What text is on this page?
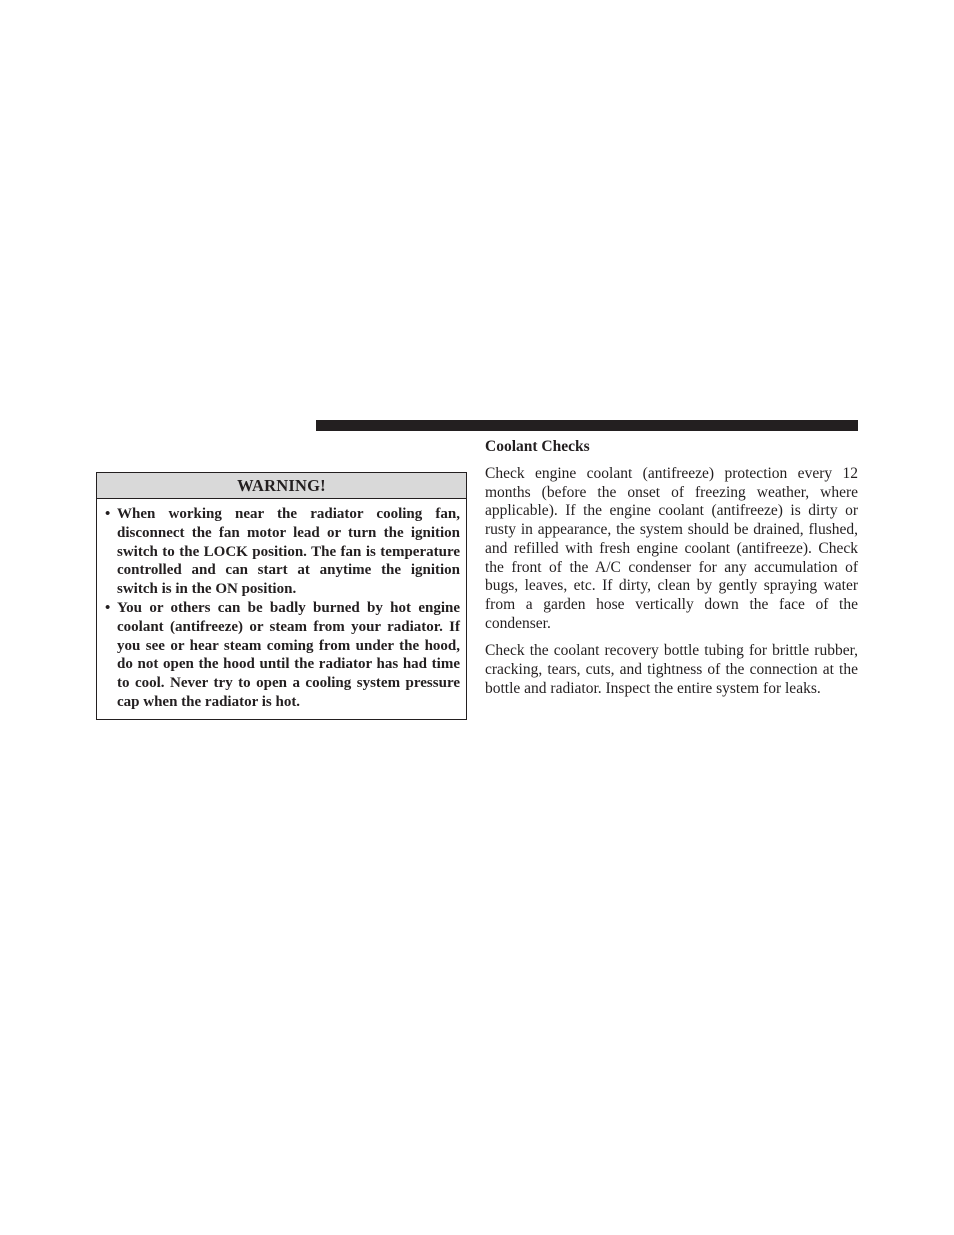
WARNING!
• When working near the radiator cooling fan, disconnect the fan motor lead or turn the ignition switch to the LOCK position. The fan is temperature controlled and can start at anytime the ignition switch is in the ON position.
• You or others can be badly burned by hot engine coolant (antifreeze) or steam from your radiator. If you see or hear steam coming from under the hood, do not open the hood until the radiator has had time to cool. Never try to open a cooling system pressure cap when the radiator is hot.
Coolant Checks

Check engine coolant (antifreeze) protection every 12 months (before the onset of freezing weather, where applicable). If the engine coolant (antifreeze) is dirty or rusty in appearance, the system should be drained, flushed, and refilled with fresh engine coolant (antifreeze). Check the front of the A/C condenser for any accumulation of bugs, leaves, etc. If dirty, clean by gently spraying water from a garden hose vertically down the face of the condenser.

Check the coolant recovery bottle tubing for brittle rubber, cracking, tears, cuts, and tightness of the connection at the bottle and radiator. Inspect the entire system for leaks.
